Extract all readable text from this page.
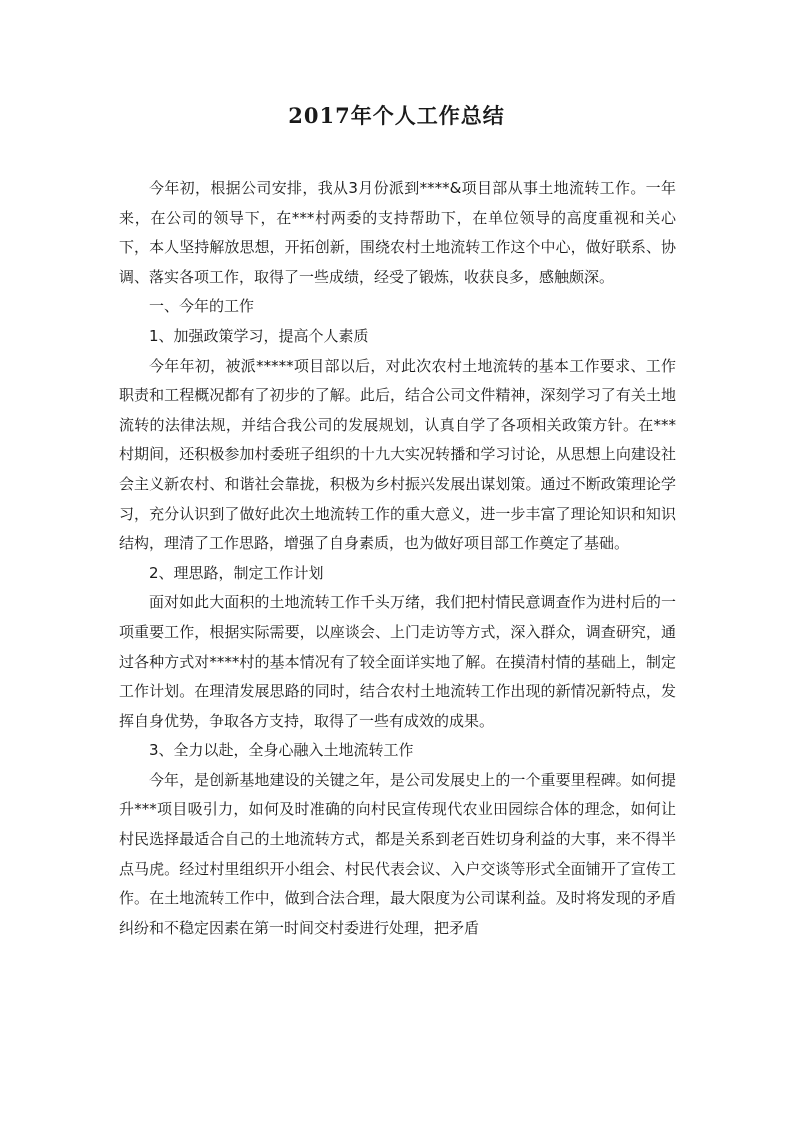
2017年个人工作总结

今年初，根据公司安排，我从3月份派到****&项目部从事土地流转工作。一年来，在公司的领导下，在***村两委的支持帮助下，在单位领导的高度重视和关心下，本人坚持解放思想，开拓创新，围绕农村土地流转工作这个中心，做好联系、协调、落实各项工作，取得了一些成绩，经受了锻炼，收获良多，感触颇深。

一、今年的工作

1、加强政策学习，提高个人素质

今年年初，被派*****项目部以后，对此次农村土地流转的基本工作要求、工作职责和工程概况都有了初步的了解。此后，结合公司文件精神，深刻学习了有关土地流转的法律法规，并结合我公司的发展规划，认真自学了各项相关政策方针。在***村期间，还积极参加村委班子组织的十九大实况转播和学习讨论，从思想上向建设社会主义新农村、和谐社会靠拢，积极为乡村振兴发展出谋划策。通过不断政策理论学习，充分认识到了做好此次土地流转工作的重大意义，进一步丰富了理论知识和知识结构，理清了工作思路，增强了自身素质，也为做好项目部工作奠定了基础。

2、理思路，制定工作计划

面对如此大面积的土地流转工作千头万绪，我们把村情民意调查作为进村后的一项重要工作，根据实际需要，以座谈会、上门走访等方式，深入群众，调查研究，通过各种方式对****村的基本情况有了较全面详实地了解。在摸清村情的基础上，制定工作计划。在理清发展思路的同时，结合农村土地流转工作出现的新情况新特点，发挥自身优势，争取各方支持，取得了一些有成效的成果。

3、全力以赴，全身心融入土地流转工作

今年，是创新基地建设的关键之年，是公司发展史上的一个重要里程碑。如何提升***项目吸引力，如何及时准确的向村民宣传现代农业田园综合体的理念，如何让村民选择最适合自己的土地流转方式，都是关系到老百姓切身利益的大事，来不得半点马虎。经过村里组织开小组会、村民代表会议、入户交谈等形式全面铺开了宣传工作。在土地流转工作中，做到合法合理，最大限度为公司谋利益。及时将发现的矛盾纠纷和不稳定因素在第一时间交村委进行处理，把矛盾
